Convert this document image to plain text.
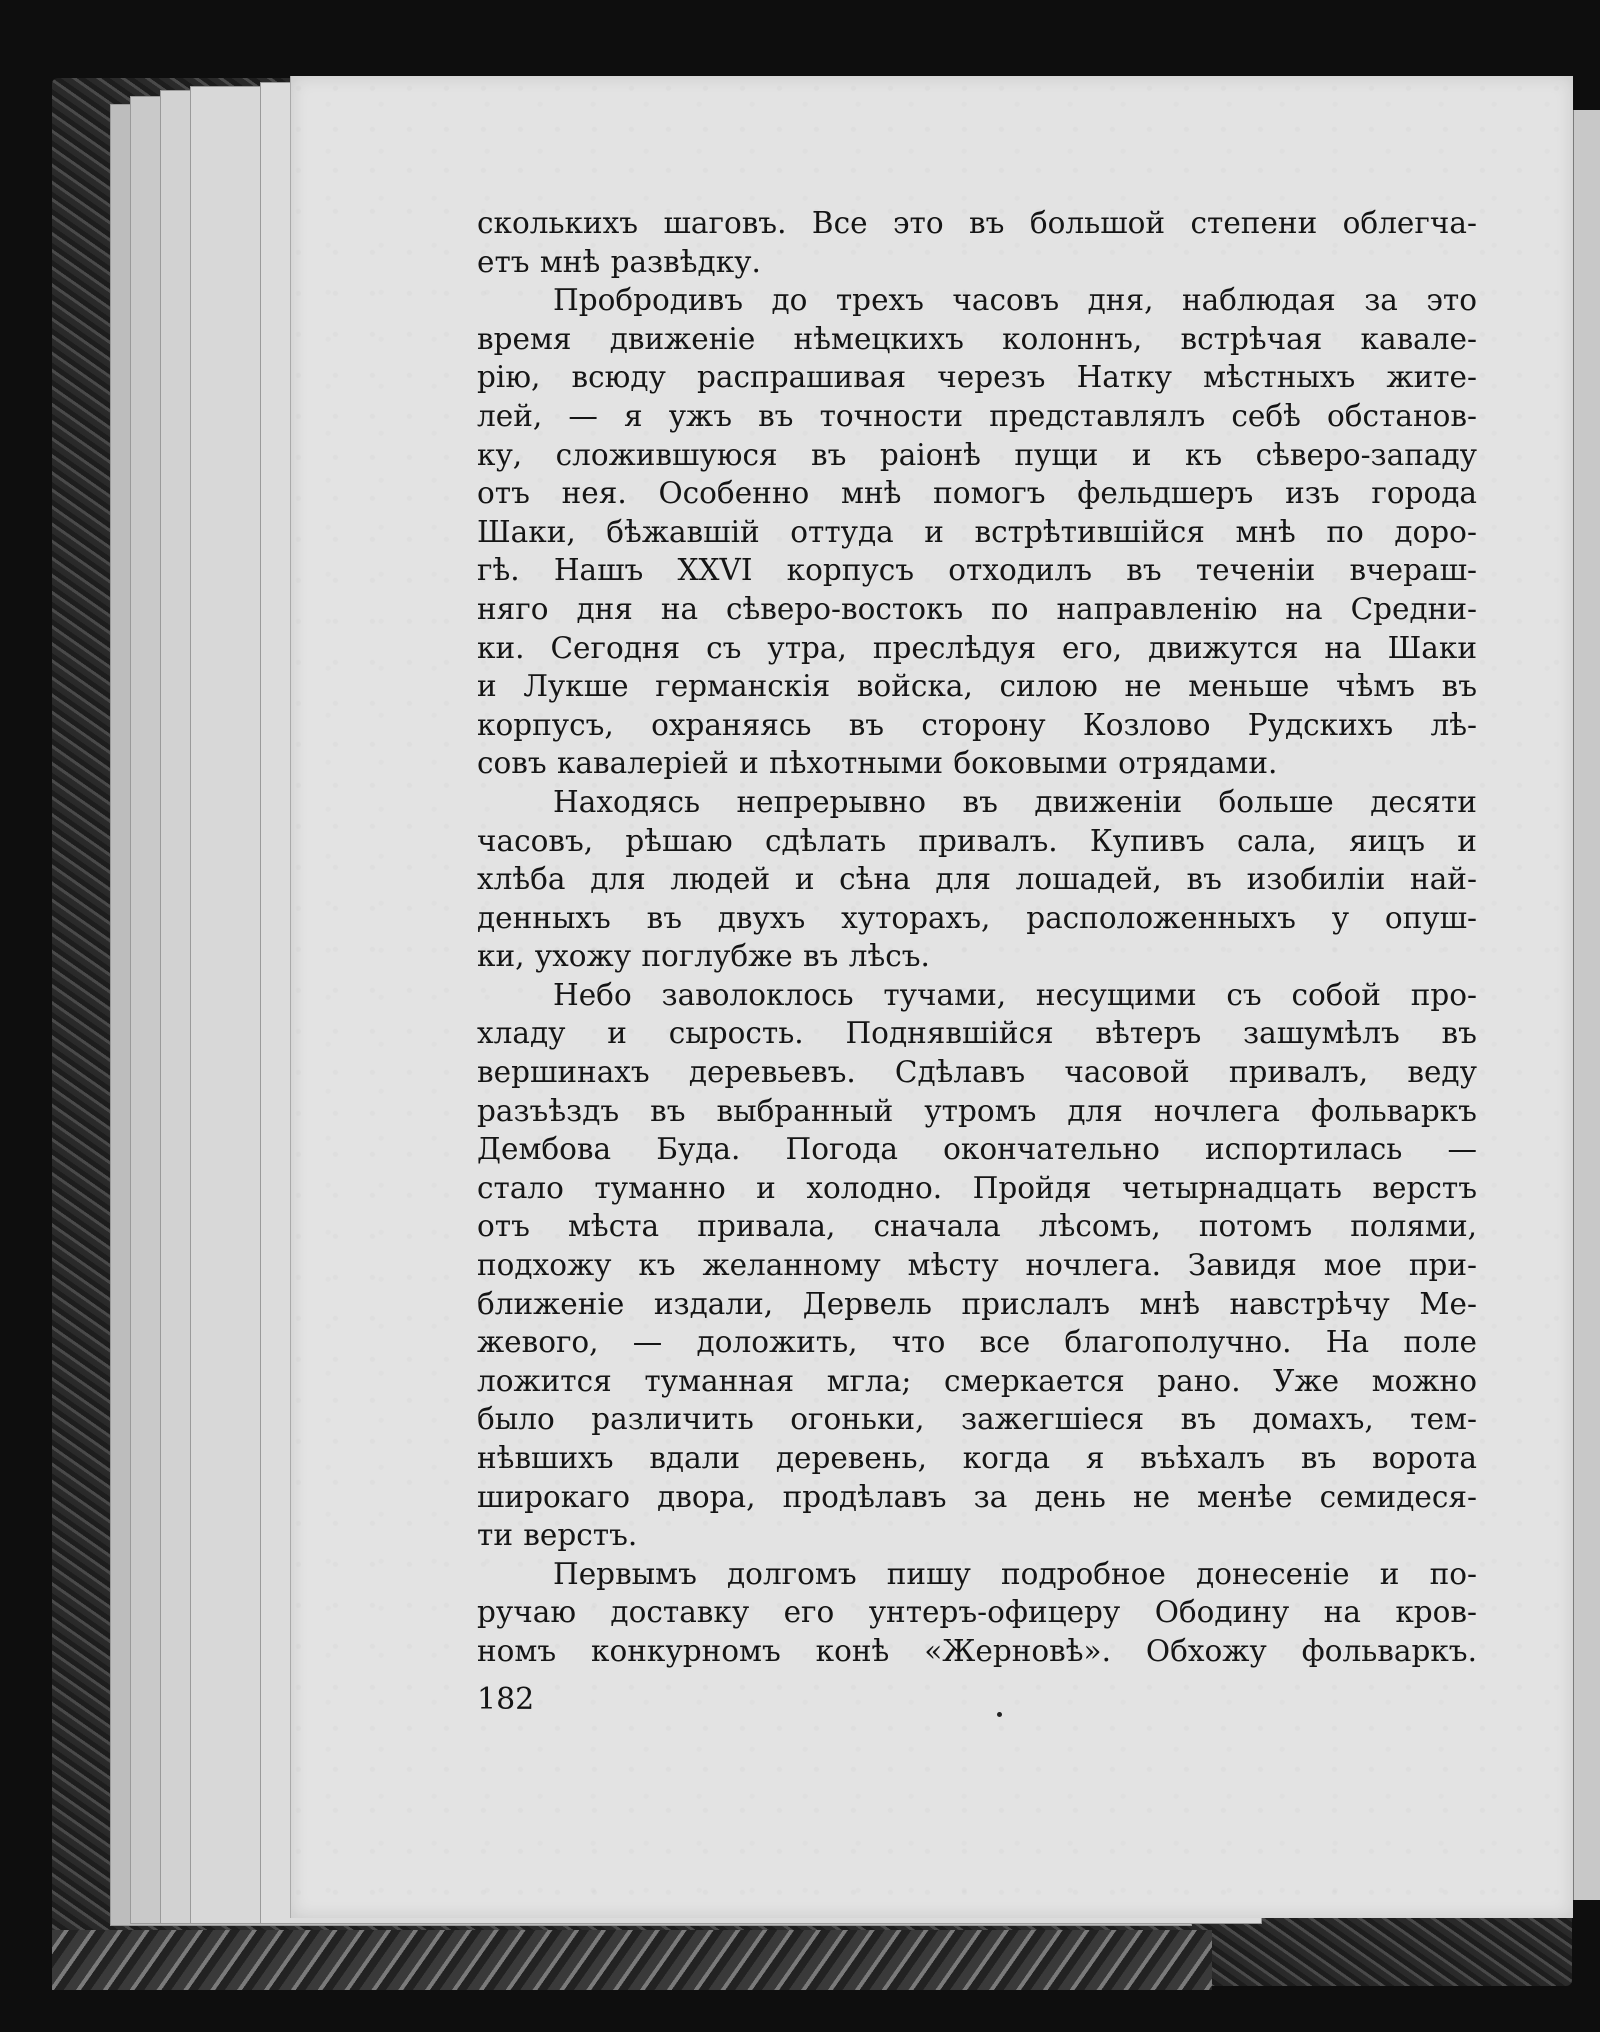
сколькихъ шаговъ. Все это въ большой степени облегча-
етъ мнѣ развѣдку.
Пробродивъ до трехъ часовъ дня, наблюдая за это
время движеніе нѣмецкихъ колоннъ, встрѣчая кавале-
рію, всюду распрашивая черезъ Натку мѣстныхъ жите-
лей, — я ужъ въ точности представлялъ себѣ обстанов-
ку, сложившуюся въ раіонѣ пущи и къ сѣверо-западу
отъ нея. Особенно мнѣ помогъ фельдшеръ изъ города
Шаки, бѣжавшій оттуда и встрѣтившійся мнѣ по доро-
гѣ. Нашъ XXVI корпусъ отходилъ въ теченіи вчераш-
няго дня на сѣверо-востокъ по направленію на Средни-
ки. Сегодня съ утра, преслѣдуя его, движутся на Шаки
и Лукше германскія войска, силою не меньше чѣмъ въ
корпусъ, охраняясь въ сторону Козлово Рудскихъ лѣ-
совъ кавалеріей и пѣхотными боковыми отрядами.
Находясь непрерывно въ движеніи больше десяти
часовъ, рѣшаю сдѣлать привалъ. Купивъ сала, яицъ и
хлѣба для людей и сѣна для лошадей, въ изобиліи най-
денныхъ въ двухъ хуторахъ, расположенныхъ у опуш-
ки, ухожу поглубже въ лѣсъ.
Небо заволоклось тучами, несущими съ собой про-
хладу и сырость. Поднявшійся вѣтеръ зашумѣлъ въ
вершинахъ деревьевъ. Сдѣлавъ часовой привалъ, веду
разъѣздъ въ выбранный утромъ для ночлега фольваркъ
Дембова Буда. Погода окончательно испортилась —
стало туманно и холодно. Пройдя четырнадцать верстъ
отъ мѣста привала, сначала лѣсомъ, потомъ полями,
подхожу къ желанному мѣсту ночлега. Завидя мое при-
ближеніе издали, Дервель прислалъ мнѣ навстрѣчу Ме-
жевого, — доложить, что все благополучно. На поле
ложится туманная мгла; смеркается рано. Уже можно
было различить огоньки, зажегшіеся въ домахъ, тем-
нѣвшихъ вдали деревень, когда я въѣхалъ въ ворота
широкаго двора, продѣлавъ за день не менѣе семидеся-
ти верстъ.
Первымъ долгомъ пишу подробное донесеніе и по-
ручаю доставку его унтеръ-офицеру Ободину на кров-
номъ конкурномъ конѣ «Жерновѣ». Обхожу фольваркъ.
182
